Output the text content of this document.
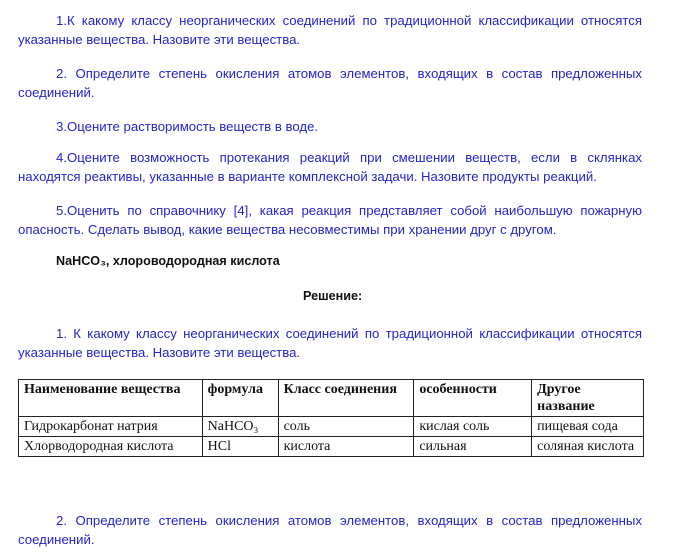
1.К какому классу неорганических соединений по традиционной классификации относятся указанные вещества. Назовите эти вещества.

2. Определите степень окисления атомов элементов, входящих в состав предложенных соединений.

3.Оцените растворимость веществ в воде.

4.Оцените возможность протекания реакций при смешении веществ, если в склянках находятся реактивы, указанные в варианте комплексной задачи. Назовите продукты реакций.

5.Оценить по справочнику [4], какая реакция представляет собой наибольшую пожарную опасность. Сделать вывод, какие вещества несовместимы при хранении друг с другом.

NaHCO₃, хлороводородная кислота

Решение:

1. К какому классу неорганических соединений по традиционной классификации относятся указанные вещества. Назовите эти вещества.

Наименование вещества	формула	Класс соединения	особенности	Другое название
Гидрокарбонат натрия	NaHCO₃	соль	кислая соль	пищевая сода
Хлорводородная кислота	HCl	кислота	сильная	соляная кислота

2. Определите степень окисления атомов элементов, входящих в состав предложенных соединений.
